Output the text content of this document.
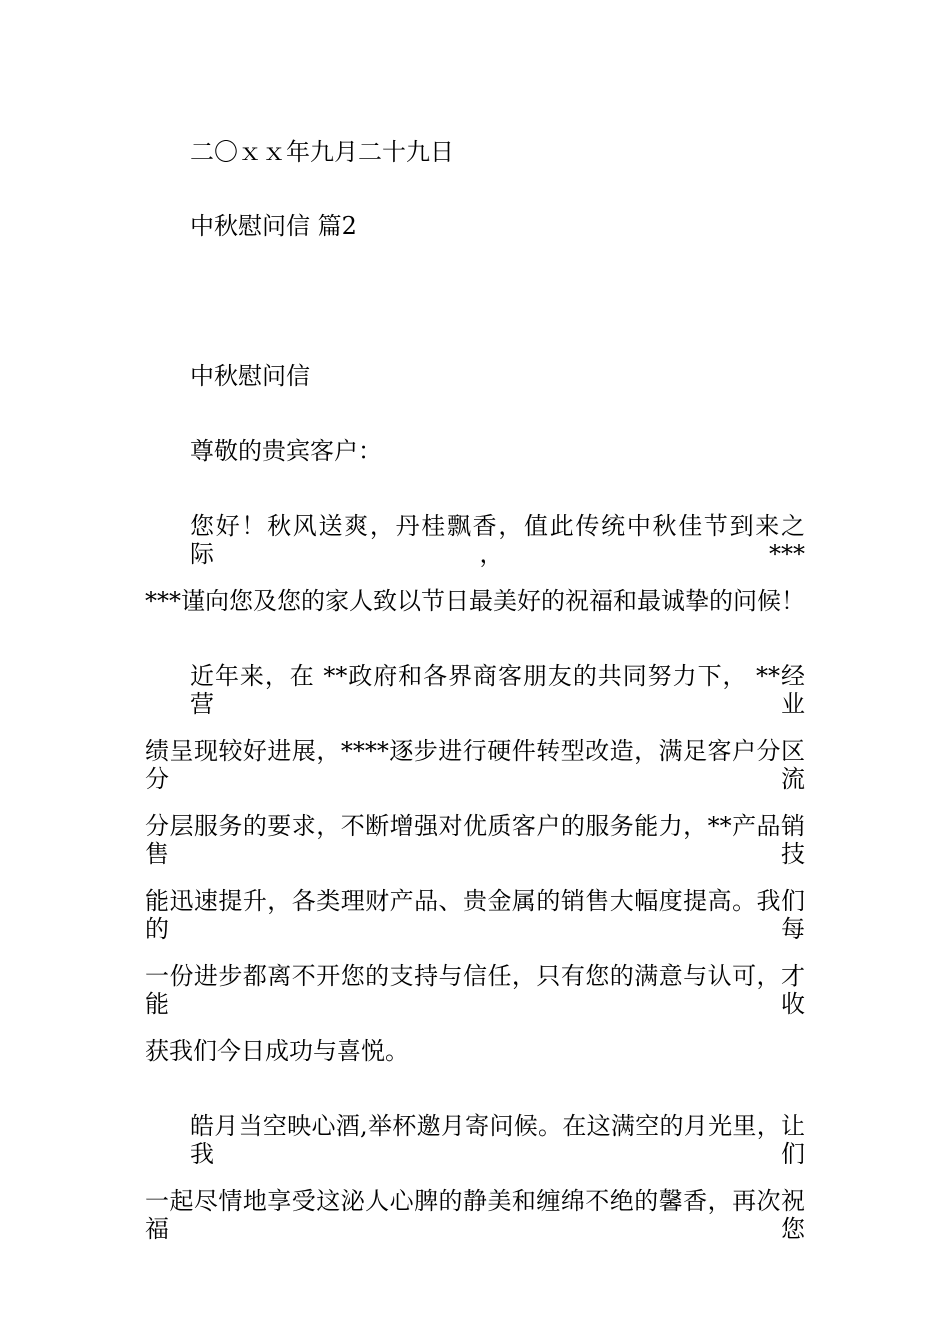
二〇ｘｘ年九月二十九日
中秋慰问信 篇2
中秋慰问信
尊敬的贵宾客户：
您好！秋风送爽，丹桂飘香，值此传统中秋佳节到来之际，***
***谨向您及您的家人致以节日最美好的祝福和最诚挚的问候！
近年来，在 **政府和各界商客朋友的共同努力下， **经营业
绩呈现较好进展，****逐步进行硬件转型改造，满足客户分区分流
分层服务的要求，不断增强对优质客户的服务能力，**产品销售技
能迅速提升，各类理财产品、贵金属的销售大幅度提高。我们的每
一份进步都离不开您的支持与信任，只有您的满意与认可，才能收
获我们今日成功与喜悦。
皓月当空映心酒,举杯邀月寄问候。在这满空的月光里，让我们
一起尽情地享受这泌人心脾的静美和缠绵不绝的馨香，再次祝福您
